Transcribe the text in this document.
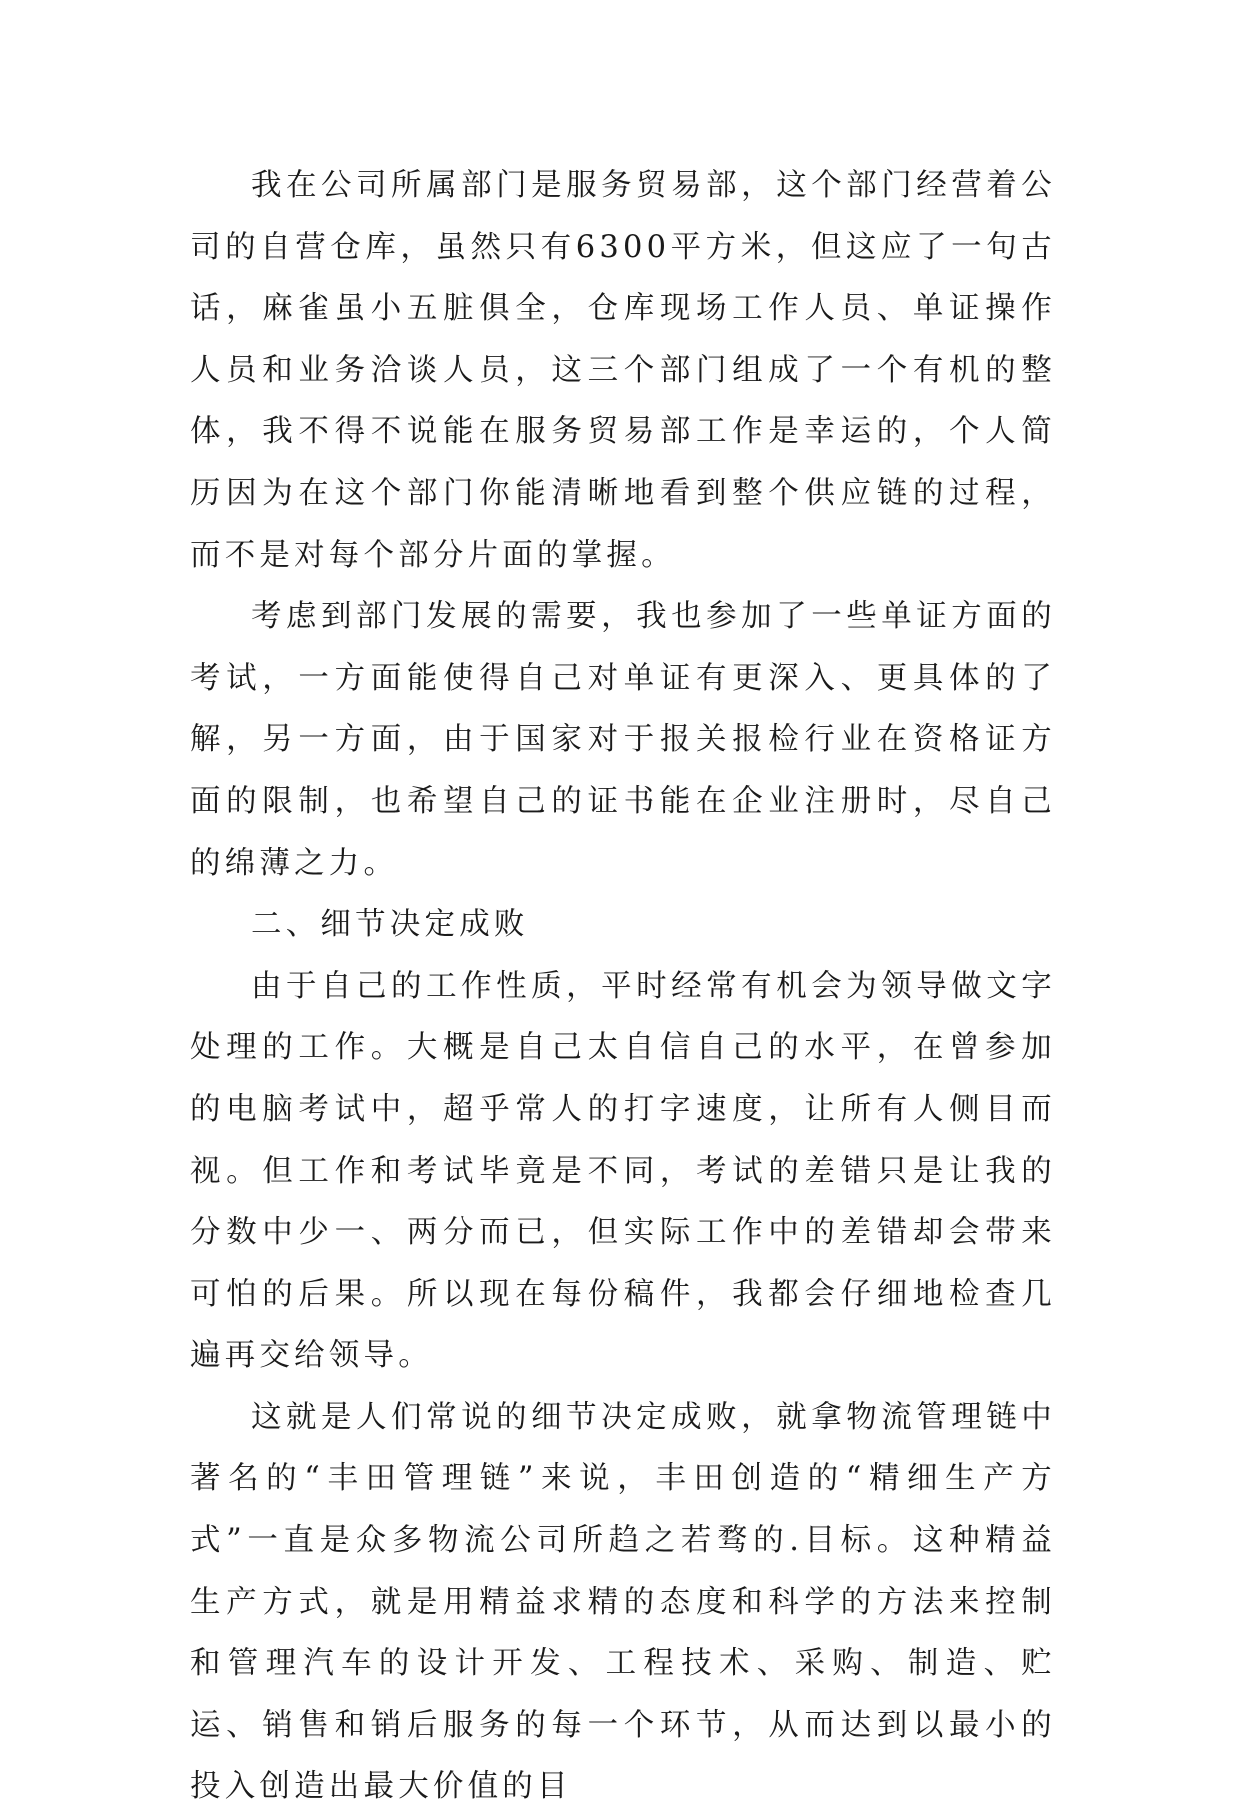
我在公司所属部门是服务贸易部，这个部门经营着公司的自营仓库，虽然只有6300平方米，但这应了一句古话，麻雀虽小五脏俱全，仓库现场工作人员、单证操作人员和业务洽谈人员，这三个部门组成了一个有机的整体，我不得不说能在服务贸易部工作是幸运的，个人简历因为在这个部门你能清晰地看到整个供应链的过程，而不是对每个部分片面的掌握。

考虑到部门发展的需要，我也参加了一些单证方面的考试，一方面能使得自己对单证有更深入、更具体的了解，另一方面，由于国家对于报关报检行业在资格证方面的限制，也希望自己的证书能在企业注册时，尽自己的绵薄之力。

二、细节决定成败

由于自己的工作性质，平时经常有机会为领导做文字处理的工作。大概是自己太自信自己的水平，在曾参加的电脑考试中，超乎常人的打字速度，让所有人侧目而视。但工作和考试毕竟是不同，考试的差错只是让我的分数中少一、两分而已，但实际工作中的差错却会带来可怕的后果。所以现在每份稿件，我都会仔细地检查几遍再交给领导。

这就是人们常说的细节决定成败，就拿物流管理链中著名的“丰田管理链”来说，丰田创造的“精细生产方式”一直是众多物流公司所趋之若骛的.目标。这种精益生产方式，就是用精益求精的态度和科学的方法来控制和管理汽车的设计开发、工程技术、采购、制造、贮运、销售和销后服务的每一个环节，从而达到以最小的投入创造出最大价值的目
